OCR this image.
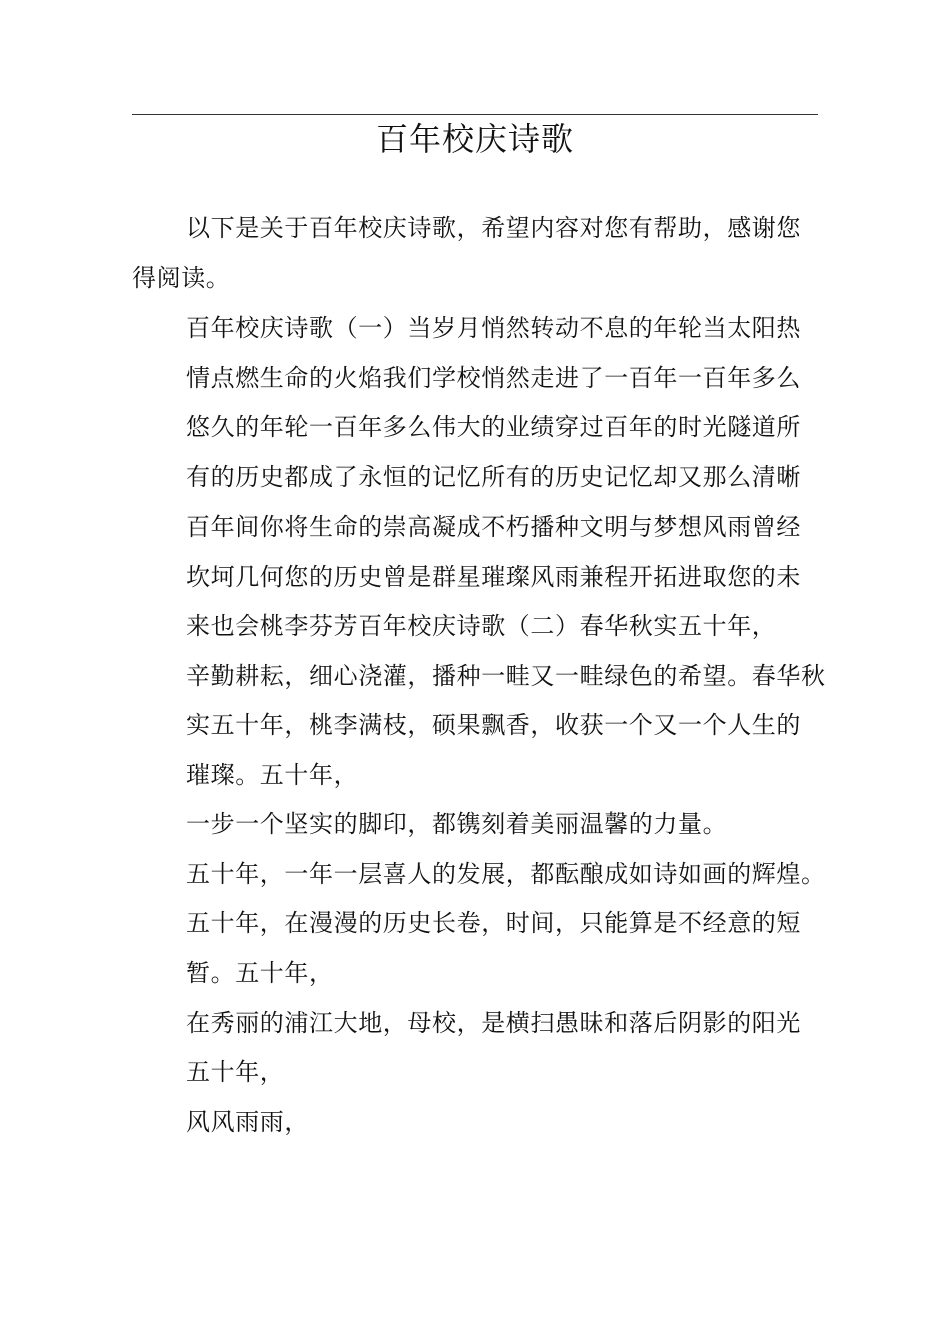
百年校庆诗歌
以下是关于百年校庆诗歌，希望内容对您有帮助，感谢您
得阅读。
百年校庆诗歌（一）当岁月悄然转动不息的年轮当太阳热
情点燃生命的火焰我们学校悄然走进了一百年一百年多么
悠久的年轮一百年多么伟大的业绩穿过百年的时光隧道所
有的历史都成了永恒的记忆所有的历史记忆却又那么清晰
百年间你将生命的崇高凝成不朽播种文明与梦想风雨曾经
坎坷几何您的历史曾是群星璀璨风雨兼程开拓进取您的未
来也会桃李芬芳百年校庆诗歌（二）春华秋实五十年，
辛勤耕耘，细心浇灌，播种一畦又一畦绿色的希望。春华秋
实五十年，桃李满枝，硕果飘香，收获一个又一个人生的
璀璨。五十年，
一步一个坚实的脚印，都镌刻着美丽温馨的力量。
五十年，一年一层喜人的发展，都酝酿成如诗如画的辉煌。
五十年，在漫漫的历史长卷，时间，只能算是不经意的短
暂。五十年，
在秀丽的浦江大地，母校，是横扫愚昧和落后阴影的阳光
五十年，
风风雨雨，
